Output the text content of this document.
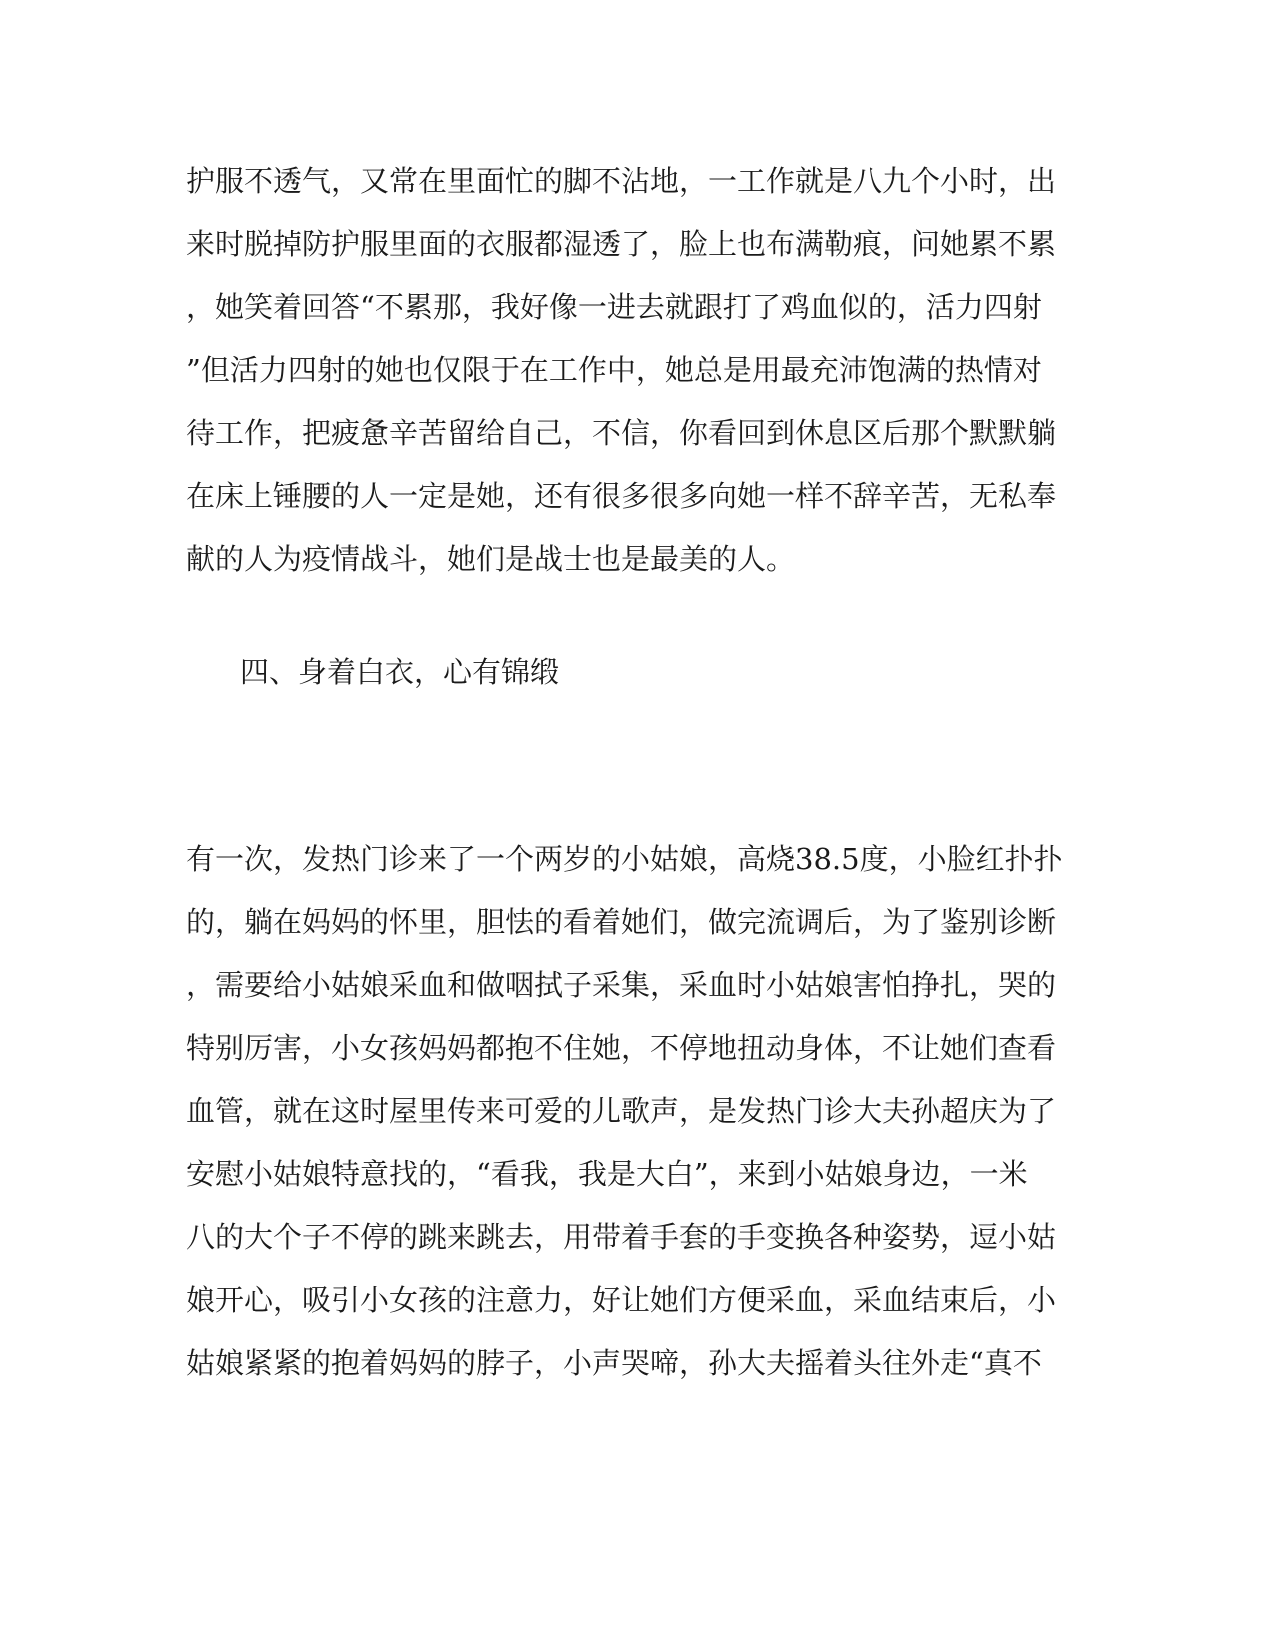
护服不透气，又常在里面忙的脚不沾地，一工作就是八九个小时，出
来时脱掉防护服里面的衣服都湿透了，脸上也布满勒痕，问她累不累
，她笑着回答“不累那，我好像一进去就跟打了鸡血似的，活力四射
”但活力四射的她也仅限于在工作中，她总是用最充沛饱满的热情对
待工作，把疲惫辛苦留给自己，不信，你看回到休息区后那个默默躺
在床上锤腰的人一定是她，还有很多很多向她一样不辞辛苦，无私奉
献的人为疫情战斗，她们是战士也是最美的人。
四、身着白衣，心有锦缎
有一次，发热门诊来了一个两岁的小姑娘，高烧38.5度，小脸红扑扑
的，躺在妈妈的怀里，胆怯的看着她们，做完流调后，为了鉴别诊断
，需要给小姑娘采血和做咽拭子采集，采血时小姑娘害怕挣扎，哭的
特别厉害，小女孩妈妈都抱不住她，不停地扭动身体，不让她们查看
血管，就在这时屋里传来可爱的儿歌声，是发热门诊大夫孙超庆为了
安慰小姑娘特意找的，“看我，我是大白”，来到小姑娘身边，一米
八的大个子不停的跳来跳去，用带着手套的手变换各种姿势，逗小姑
娘开心，吸引小女孩的注意力，好让她们方便采血，采血结束后，小
姑娘紧紧的抱着妈妈的脖子，小声哭啼，孙大夫摇着头往外走“真不
